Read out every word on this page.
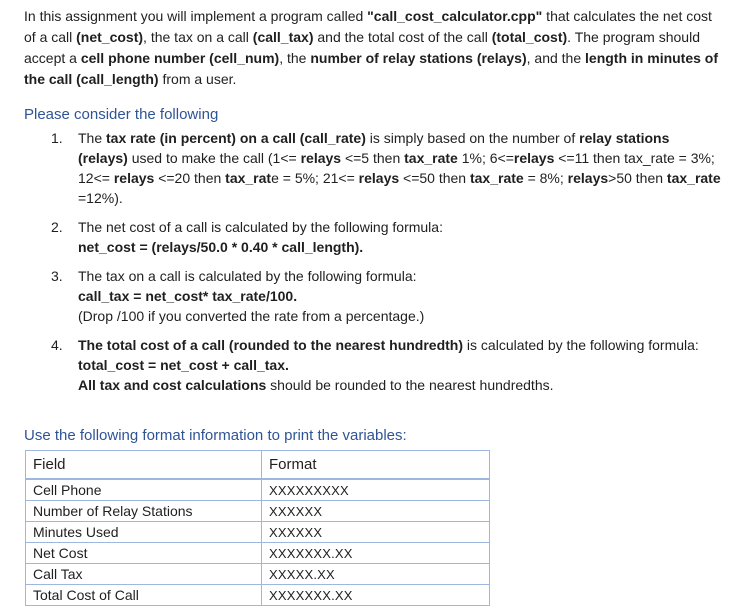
In this assignment you will implement a program called "call_cost_calculator.cpp" that calculates the net cost of a call (net_cost), the tax on a call (call_tax) and the total cost of the call (total_cost). The program should accept a cell phone number (cell_num), the number of relay stations (relays), and the length in minutes of the call (call_length) from a user.

Please consider the following
1. The tax rate (in percent) on a call (call_rate) is simply based on the number of relay stations (relays) used to make the call (1<= relays <=5 then tax_rate 1%; 6<=relays <=11 then tax_rate = 3%; 12<= relays <=20 then tax_rate = 5%; 21<= relays <=50 then tax_rate = 8%; relays>50 then tax_rate =12%).
2. The net cost of a call is calculated by the following formula:
net_cost = (relays/50.0 * 0.40 * call_length).
3. The tax on a call is calculated by the following formula:
call_tax = net_cost* tax_rate/100.
(Drop /100 if you converted the rate from a percentage.)
4. The total cost of a call (rounded to the nearest hundredth) is calculated by the following formula:
total_cost = net_cost + call_tax.
All tax and cost calculations should be rounded to the nearest hundredths.
Use the following format information to print the variables:
Field	Format
Cell Phone	XXXXXXXXX
Number of Relay Stations	XXXXXX
Minutes Used	XXXXXX
Net Cost	XXXXXXX.XX
Call Tax	XXXXX.XX
Total Cost of Call	XXXXXXX.XX
